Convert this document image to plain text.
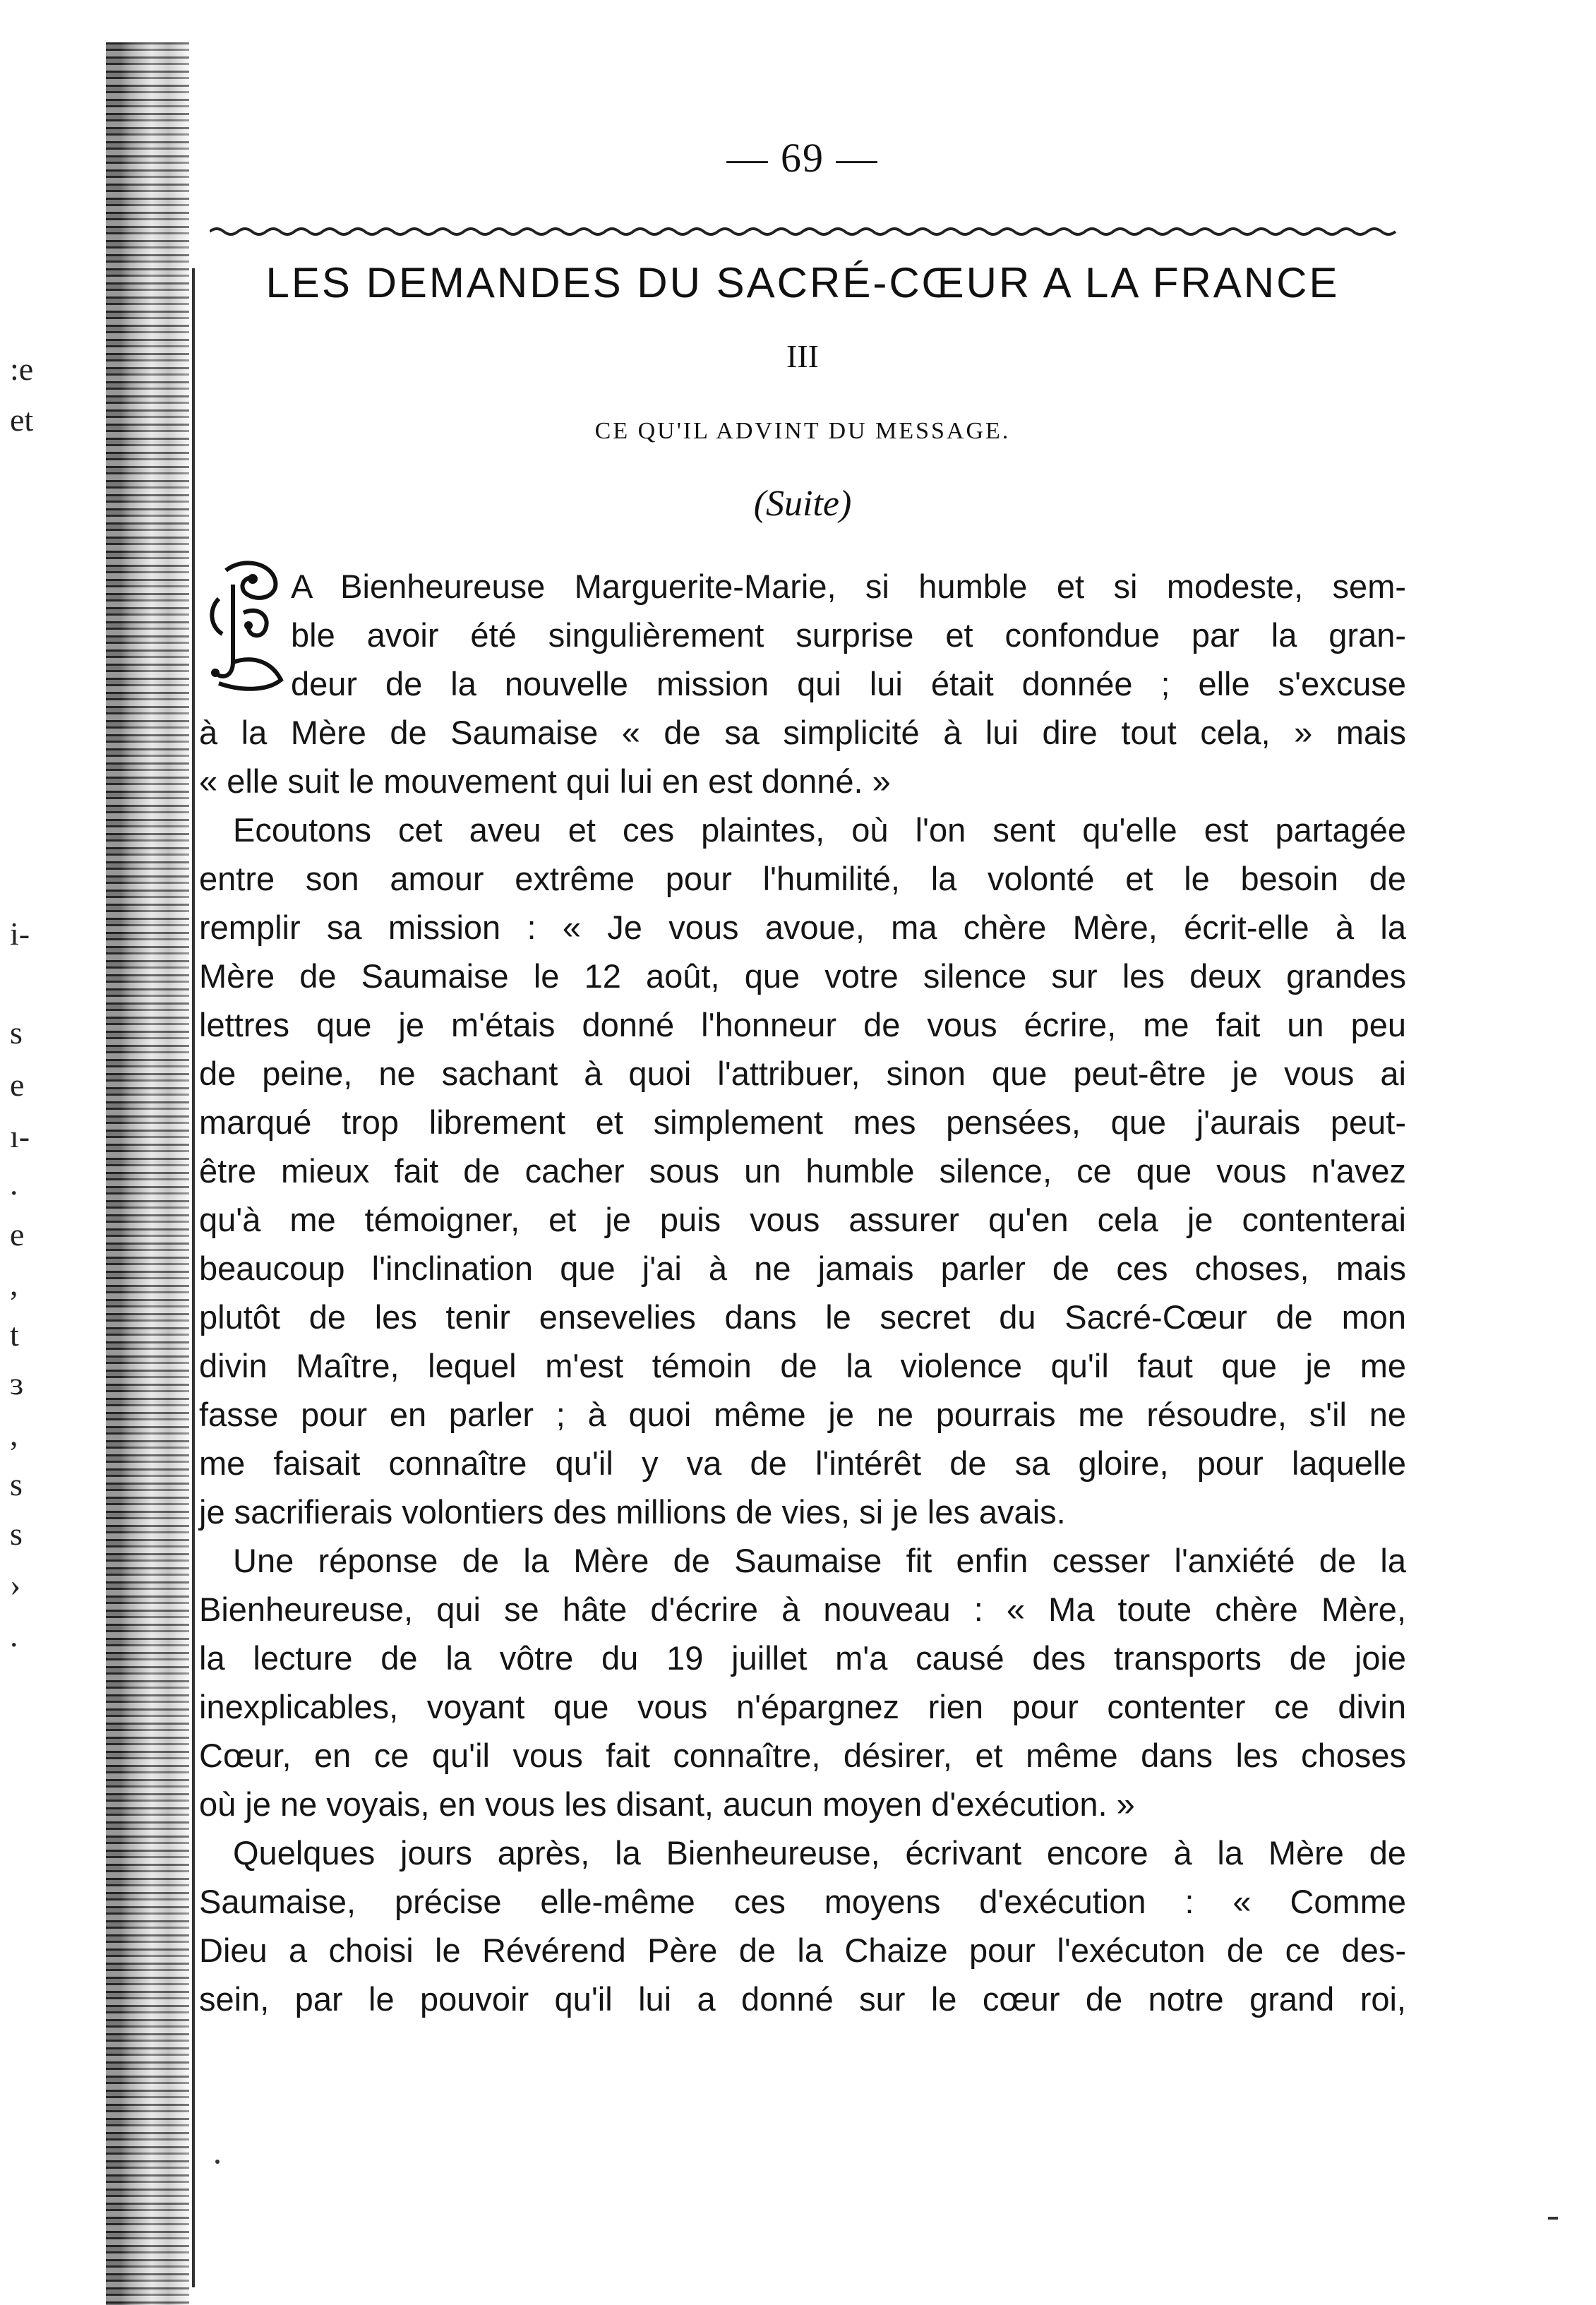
:e
et
i-
s
e
ı-
.
e
,
t
ɜ
,
s
s
›
.
— 69 —
LES DEMANDES DU SACRÉ-CŒUR A LA FRANCE
III
CE QU'IL ADVINT DU MESSAGE.
(Suite)
A Bienheureuse Marguerite-Marie, si humble et si modeste, sem-
ble avoir été singulièrement surprise et confondue par la gran-
deur de la nouvelle mission qui lui était donnée ; elle s'excuse
à la Mère de Saumaise « de sa simplicité à lui dire tout cela, » mais
« elle suit le mouvement qui lui en est donné. »
Ecoutons cet aveu et ces plaintes, où l'on sent qu'elle est partagée
entre son amour extrême pour l'humilité, la volonté et le besoin de
remplir sa mission : « Je vous avoue, ma chère Mère, écrit-elle à la
Mère de Saumaise le 12 août, que votre silence sur les deux grandes
lettres que je m'étais donné l'honneur de vous écrire, me fait un peu
de peine, ne sachant à quoi l'attribuer, sinon que peut-être je vous ai
marqué trop librement et simplement mes pensées, que j'aurais peut-
être mieux fait de cacher sous un humble silence, ce que vous n'avez
qu'à me témoigner, et je puis vous assurer qu'en cela je contenterai
beaucoup l'inclination que j'ai à ne jamais parler de ces choses, mais
plutôt de les tenir ensevelies dans le secret du Sacré-Cœur de mon
divin Maître, lequel m'est témoin de la violence qu'il faut que je me
fasse pour en parler ; à quoi même je ne pourrais me résoudre, s'il ne
me faisait connaître qu'il y va de l'intérêt de sa gloire, pour laquelle
je sacrifierais volontiers des millions de vies, si je les avais.
Une réponse de la Mère de Saumaise fit enfin cesser l'anxiété de la
Bienheureuse, qui se hâte d'écrire à nouveau : « Ma toute chère Mère,
la lecture de la vôtre du 19 juillet m'a causé des transports de joie
inexplicables, voyant que vous n'épargnez rien pour contenter ce divin
Cœur, en ce qu'il vous fait connaître, désirer, et même dans les choses
où je ne voyais, en vous les disant, aucun moyen d'exécution. »
Quelques jours après, la Bienheureuse, écrivant encore à la Mère de
Saumaise, précise elle-même ces moyens d'exécution : « Comme
Dieu a choisi le Révérend Père de la Chaize pour l'exécuton de ce des-
sein, par le pouvoir qu'il lui a donné sur le cœur de notre grand roi,
